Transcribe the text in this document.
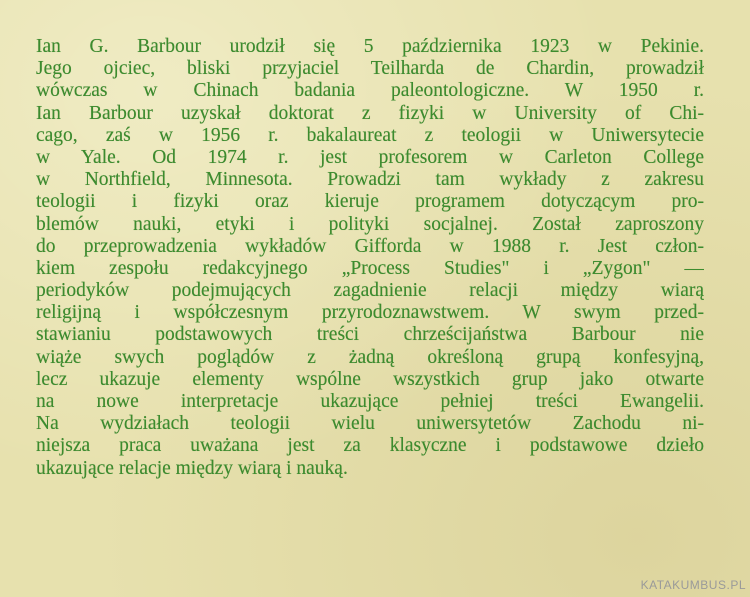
Ian G. Barbour urodził się 5 października 1923 w Pekinie.
Jego ojciec, bliski przyjaciel Teilharda de Chardin, prowadził
wówczas w Chinach badania paleontologiczne. W 1950 r.
Ian Barbour uzyskał doktorat z fizyki w University of Chi-
cago, zaś w 1956 r. bakalaureat z teologii w Uniwersytecie
w Yale. Od 1974 r. jest profesorem w Carleton College
w Northfield, Minnesota. Prowadzi tam wykłady z zakresu
teologii i fizyki oraz kieruje programem dotyczącym pro-
blemów nauki, etyki i polityki socjalnej. Został zaproszony
do przeprowadzenia wykładów Gifforda w 1988 r. Jest człon-
kiem zespołu redakcyjnego „Process Studies" i „Zygon" —
periodyków podejmujących zagadnienie relacji między wiarą
religijną i współczesnym przyrodoznawstwem. W swym przed-
stawianiu podstawowych treści chrześcijaństwa Barbour nie
wiąże swych poglądów z żadną określoną grupą konfesyjną,
lecz ukazuje elementy wspólne wszystkich grup jako otwarte
na nowe interpretacje ukazujące pełniej treści Ewangelii.
Na wydziałach teologii wielu uniwersytetów Zachodu ni-
niejsza praca uważana jest za klasyczne i podstawowe dzieło
ukazujące relacje między wiarą i nauką.
KATAKUMBUS.PL
